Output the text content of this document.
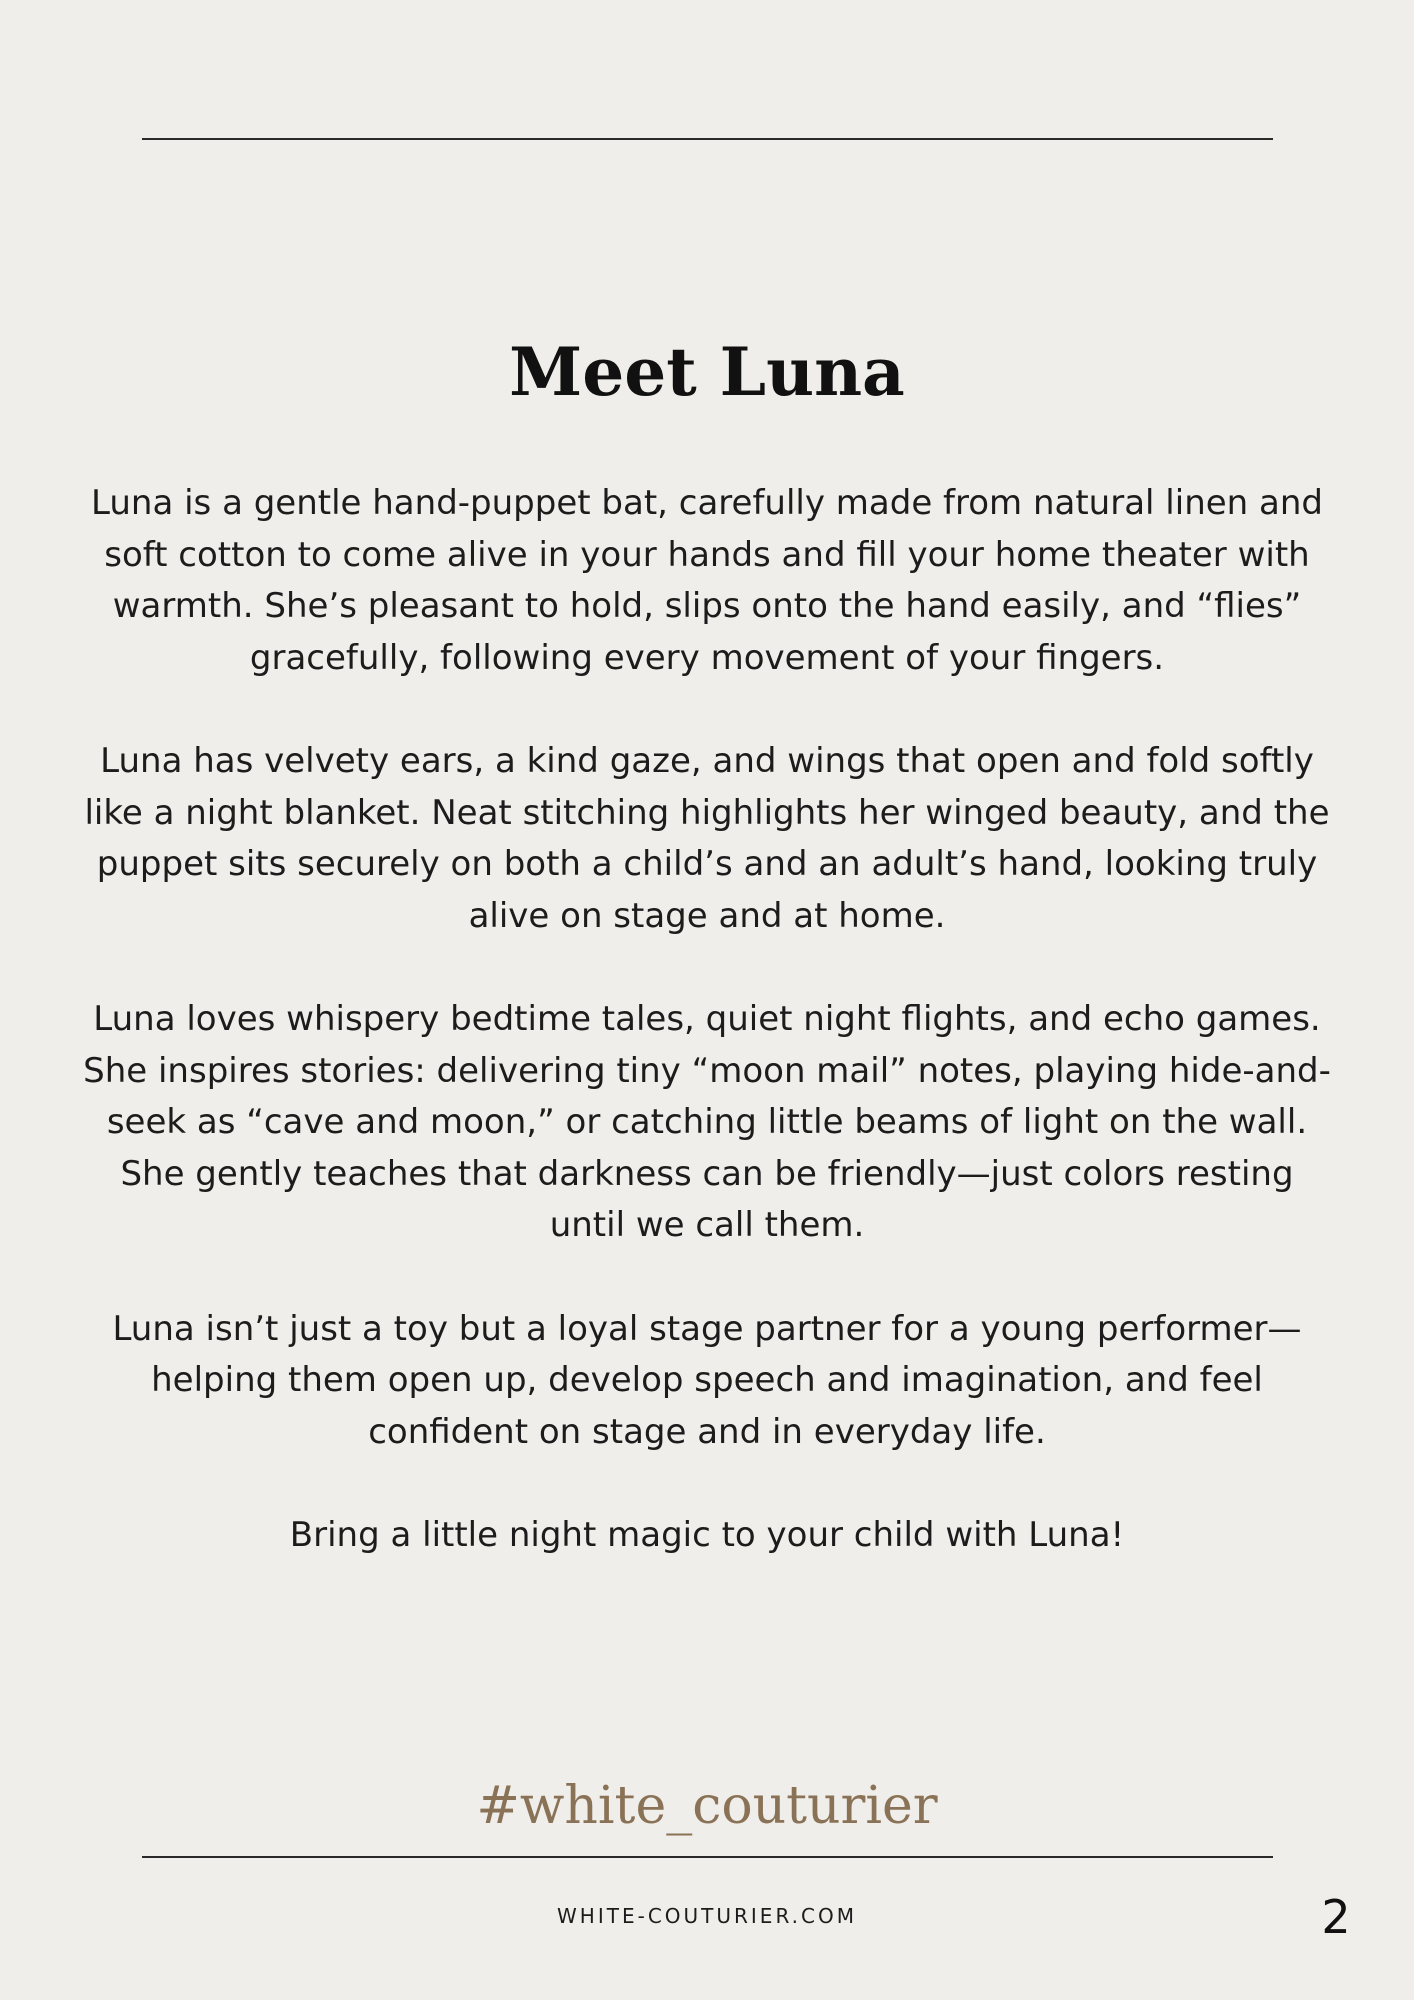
Meet Luna

Luna is a gentle hand-puppet bat, carefully made from natural linen and soft cotton to come alive in your hands and fill your home theater with warmth. She’s pleasant to hold, slips onto the hand easily, and “flies” gracefully, following every movement of your fingers.

Luna has velvety ears, a kind gaze, and wings that open and fold softly like a night blanket. Neat stitching highlights her winged beauty, and the puppet sits securely on both a child’s and an adult’s hand, looking truly alive on stage and at home.

Luna loves whispery bedtime tales, quiet night flights, and echo games. She inspires stories: delivering tiny “moon mail” notes, playing hide-and-seek as “cave and moon,” or catching little beams of light on the wall. She gently teaches that darkness can be friendly—just colors resting until we call them.

Luna isn’t just a toy but a loyal stage partner for a young performer—helping them open up, develop speech and imagination, and feel confident on stage and in everyday life.

Bring a little night magic to your child with Luna!

#white_couturier
WHITE-COUTURIER.COM	2
